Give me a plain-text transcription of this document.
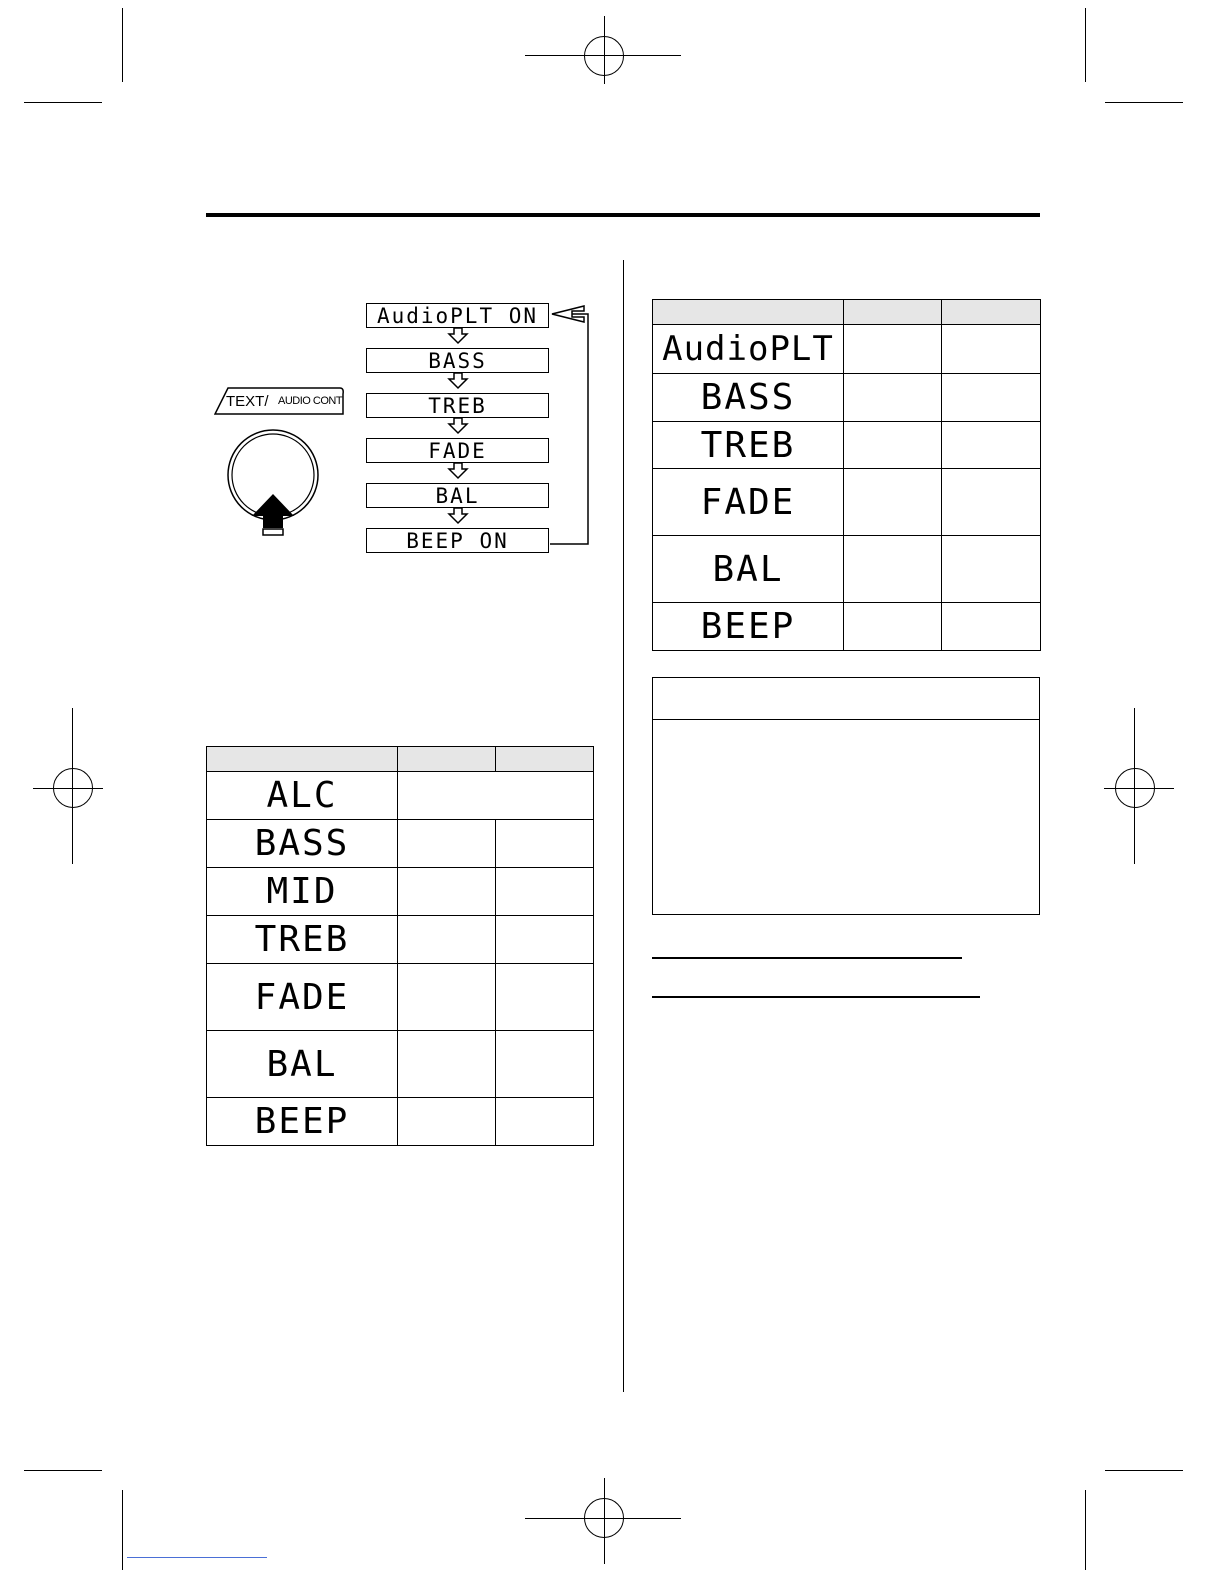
TEXT/ AUDIO CONT
AudioPLT ON
BASS
TREB
FADE
BAL
BEEP ON

ALC		
BASS		
MID		
TREB		
FADE		
BAL		
BEEP		

AudioPLT		
BASS		
TREB		
FADE		
BAL		
BEEP		
